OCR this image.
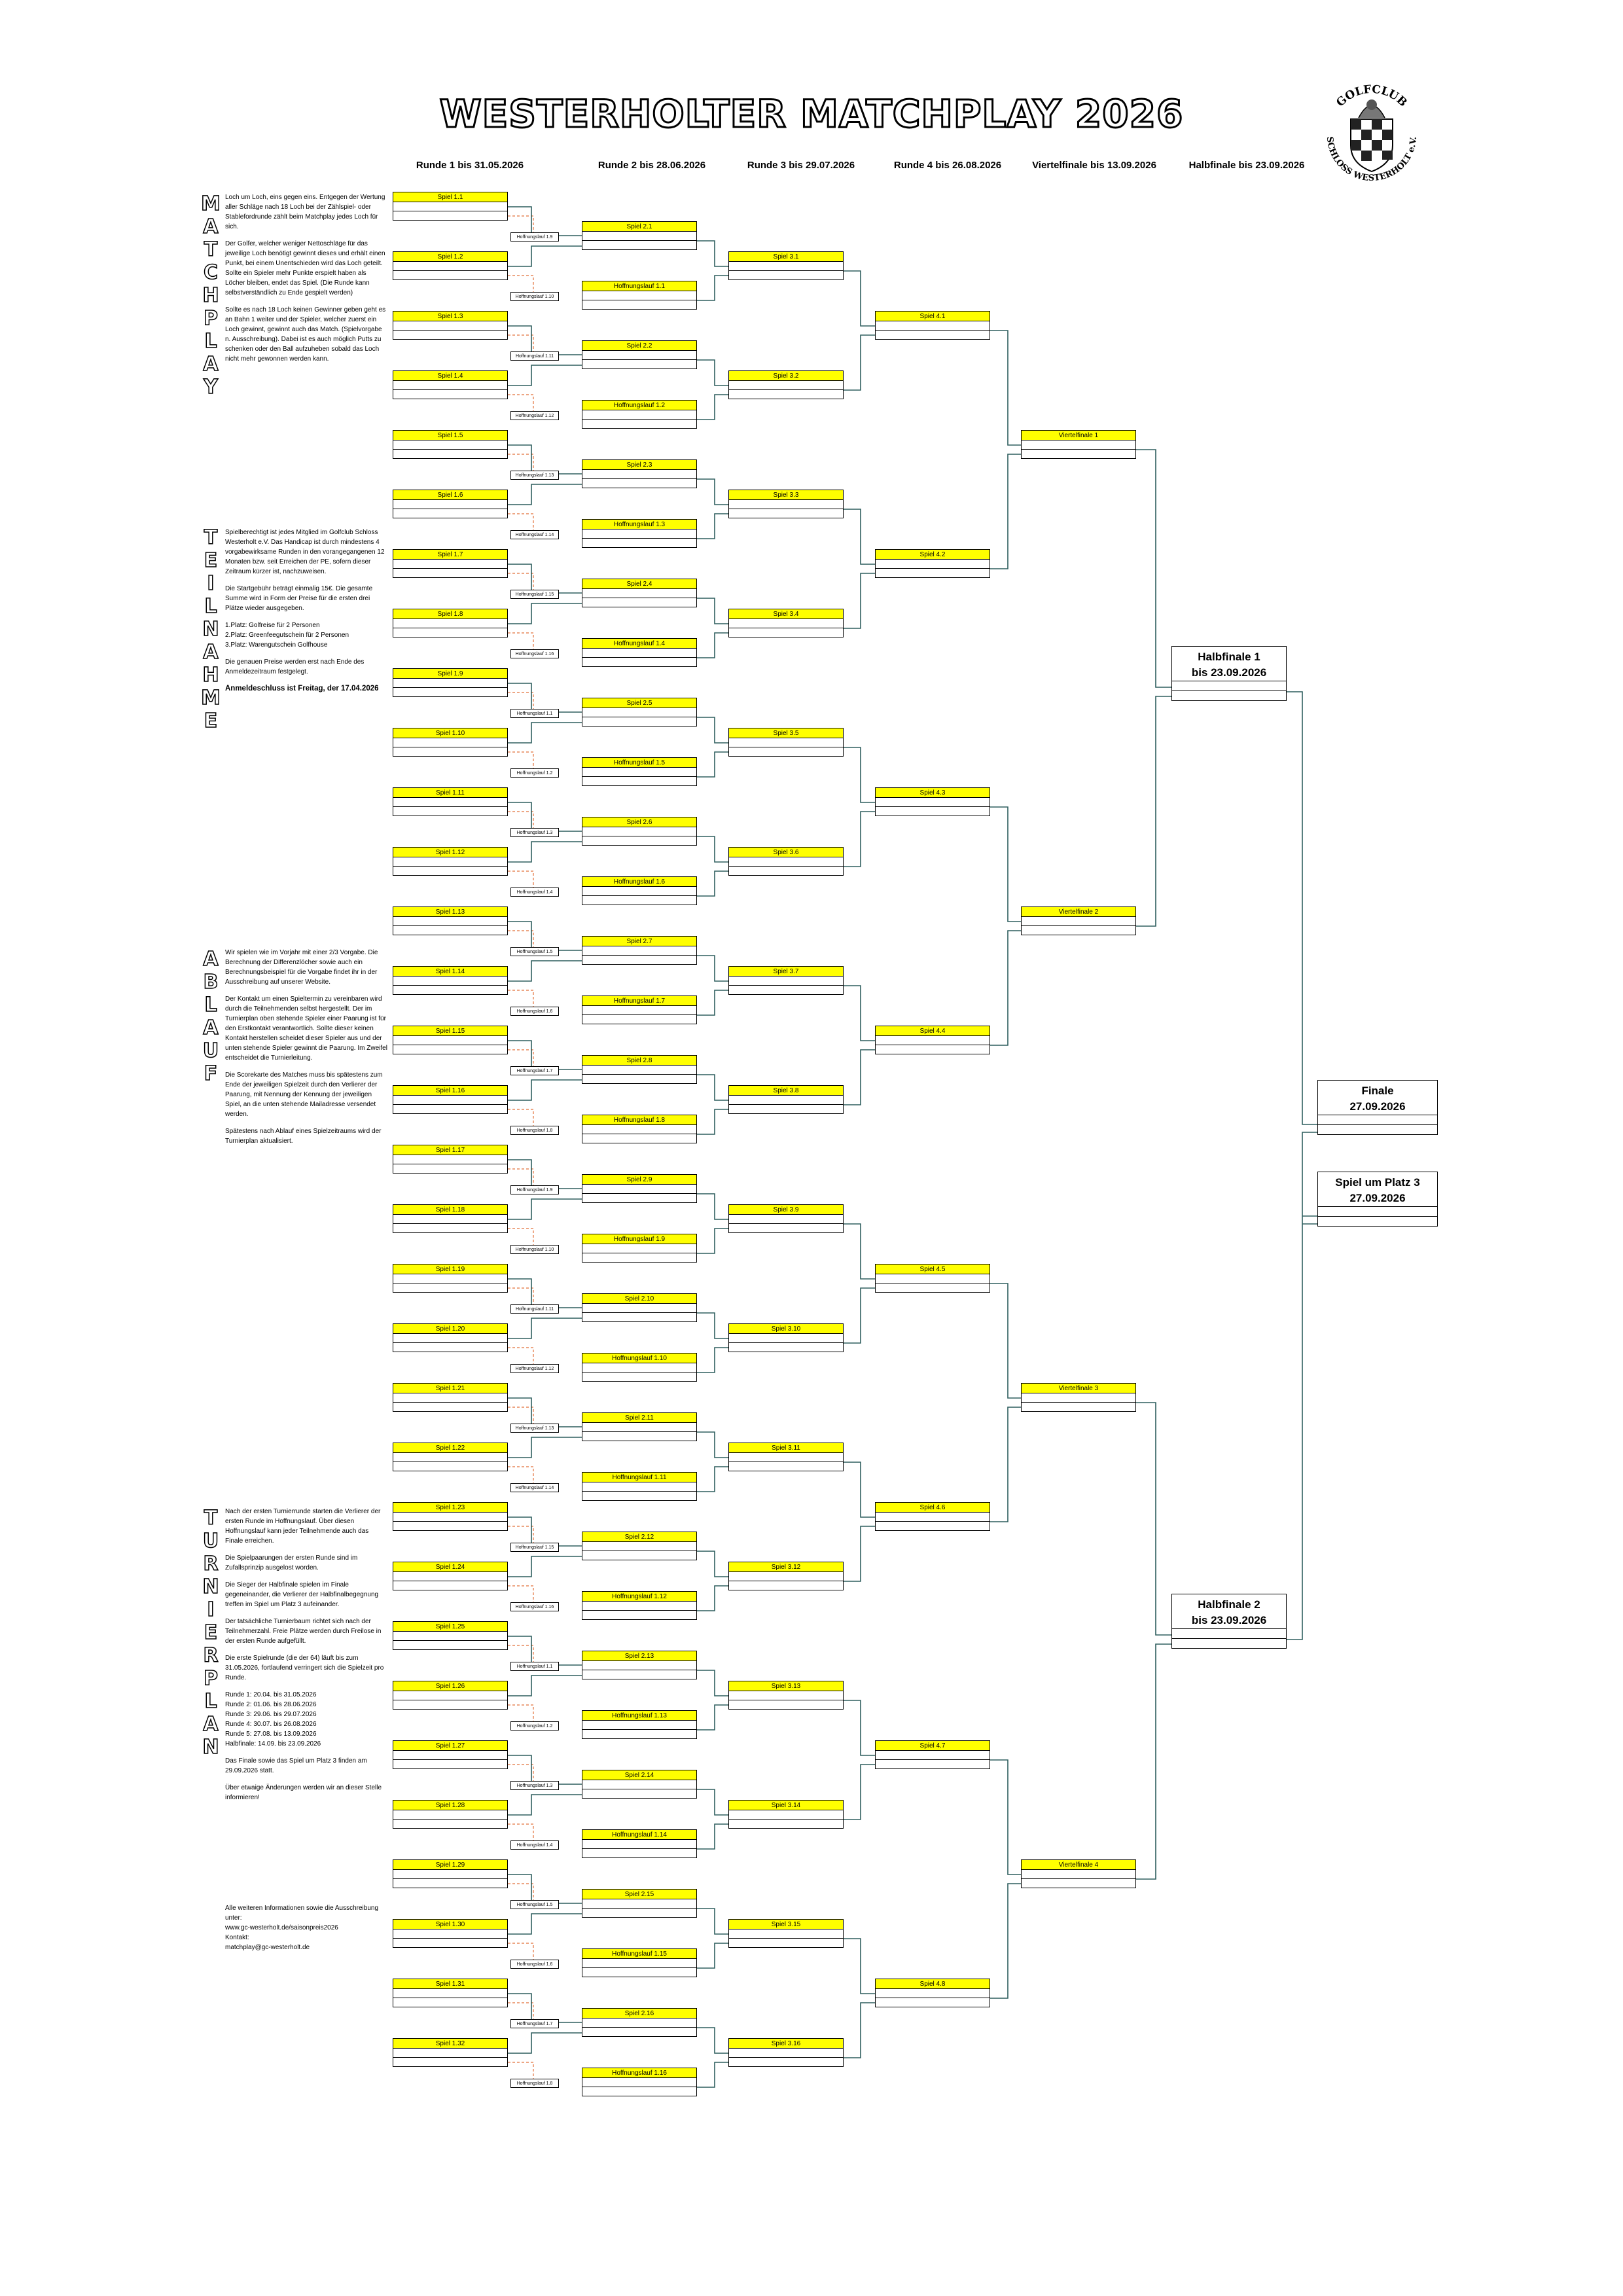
WESTERHOLTER MATCHPLAY 2026	GOLFCLUB
SCHLOSS WESTERHOLT e.V.
Runde 1 bis 31.05.2026	Runde 2 bis 28.06.2026	Runde 3 bis 29.07.2026	Runde 4 bis 26.08.2026	Viertelfinale bis 13.09.2026	Halbfinale bis 23.09.2026
M
A
T
C
H
P
L
A
Y
T
E
I
L
N
A
H
M
E
A
B
L
A
U
F
T
U
R
N
I
E
R
P
L
A
N

Loch um Loch, eins gegen eins. Entgegen der Wertung aller Schläge nach 18 Loch bei der Zählspiel- oder Stablefordrunde zählt beim Matchplay jedes Loch für sich.

Der Golfer, welcher weniger Nettoschläge für das jeweilige Loch benötigt gewinnt dieses und erhält einen Punkt, bei einem Unentschieden wird das Loch geteilt. Sollte ein Spieler mehr Punkte erspielt haben als Löcher bleiben, endet das Spiel. (Die Runde kann selbstverständlich zu Ende gespielt werden)

Sollte es nach 18 Loch keinen Gewinner geben geht es an Bahn 1 weiter und der Spieler, welcher zuerst ein Loch gewinnt, gewinnt auch das Match. (Spielvorgabe n. Ausschreibung). Dabei ist es auch möglich Putts zu schenken oder den Ball aufzuheben sobald das Loch nicht mehr gewonnen werden kann.

Spielberechtigt ist jedes Mitglied im Golfclub Schloss Westerholt e.V. Das Handicap ist durch mindestens 4 vorgabewirksame Runden in den vorangegangenen 12 Monaten bzw. seit Erreichen der PE, sofern dieser Zeitraum kürzer ist, nachzuweisen.

Die Startgebühr beträgt einmalig 15€. Die gesamte Summe wird in Form der Preise für die ersten drei Plätze wieder ausgegeben.

1.Platz: Golfreise für 2 Personen
2.Platz: Greenfeegutschein für 2 Personen
3.Platz: Warengutschein Golfhouse

Die genauen Preise werden erst nach Ende des Anmeldezeitraum festgelegt.

Anmeldeschluss ist Freitag, der 17.04.2026

Wir spielen wie im Vorjahr mit einer 2/3 Vorgabe. Die Berechnung der Differenzlöcher sowie auch ein Berechnungsbeispiel für die Vorgabe findet ihr in der Ausschreibung auf unserer Website.

Der Kontakt um einen Spieltermin zu vereinbaren wird durch die Teilnehmenden selbst hergestellt. Der im Turnierplan oben stehende Spieler einer Paarung ist für den Erstkontakt verantwortlich. Sollte dieser keinen Kontakt herstellen scheidet dieser Spieler aus und der unten stehende Spieler gewinnt die Paarung. Im Zweifel entscheidet die Turnierleitung.

Die Scorekarte des Matches muss bis spätestens zum Ende der jeweiligen Spielzeit durch den Verlierer der Paarung, mit Nennung der Kennung der jeweiligen Spiel, an die unten stehende Mailadresse versendet werden.

Spätestens nach Ablauf eines Spielzeitraums wird der Turnierplan aktualisiert.

Nach der ersten Turnierrunde starten die Verlierer der ersten Runde im Hoffnungslauf. Über diesen Hoffnungslauf kann jeder Teilnehmende auch das Finale erreichen.

Die Spielpaarungen der ersten Runde sind im Zufallsprinzip ausgelost worden.

Die Sieger der Halbfinale spielen im Finale gegeneinander, die Verlierer der Halbfinalbegegnung treffen im Spiel um Platz 3 aufeinander.

Der tatsächliche Turnierbaum richtet sich nach der Teilnehmerzahl. Freie Plätze werden durch Freilose in der ersten Runde aufgefüllt.

Die erste Spielrunde (die der 64) läuft bis zum 31.05.2026, fortlaufend verringert sich die Spielzeit pro Runde.

Runde 1: 20.04. bis 31.05.2026
Runde 2: 01.06. bis 28.06.2026
Runde 3: 29.06. bis 29.07.2026
Runde 4: 30.07. bis 26.08.2026
Runde 5: 27.08. bis 13.09.2026
Halbfinale: 14.09. bis 23.09.2026

Das Finale sowie das Spiel um Platz 3 finden am 29.09.2026 statt.

Über etwaige Änderungen werden wir an dieser Stelle informieren!

Alle weiteren Informationen sowie die Ausschreibung unter:
www.gc-westerholt.de/saisonpreis2026
Kontakt:
matchplay@gc-westerholt.de

Spiel 1.1
Spiel 1.2
Spiel 1.3
Spiel 1.4
Spiel 1.5
Spiel 1.6
Spiel 1.7
Spiel 1.8
Spiel 1.9
Spiel 1.10
Spiel 1.11
Spiel 1.12
Spiel 1.13
Spiel 1.14
Spiel 1.15
Spiel 1.16
Spiel 1.17
Spiel 1.18
Spiel 1.19
Spiel 1.20
Spiel 1.21
Spiel 1.22
Spiel 1.23
Spiel 1.24
Spiel 1.25
Spiel 1.26
Spiel 1.27
Spiel 1.28
Spiel 1.29
Spiel 1.30
Spiel 1.31
Spiel 1.32
Spiel 2.1
Hoffnungslauf 1.1
Spiel 2.2
Hoffnungslauf 1.2
Spiel 2.3
Hoffnungslauf 1.3
Spiel 2.4
Hoffnungslauf 1.4
Spiel 2.5
Hoffnungslauf 1.5
Spiel 2.6
Hoffnungslauf 1.6
Spiel 2.7
Hoffnungslauf 1.7
Spiel 2.8
Hoffnungslauf 1.8
Spiel 2.9
Hoffnungslauf 1.9
Spiel 2.10
Hoffnungslauf 1.10
Spiel 2.11
Hoffnungslauf 1.11
Spiel 2.12
Hoffnungslauf 1.12
Spiel 2.13
Hoffnungslauf 1.13
Spiel 2.14
Hoffnungslauf 1.14
Spiel 2.15
Hoffnungslauf 1.15
Spiel 2.16
Hoffnungslauf 1.16
Hoffnungslauf 1.9
Hoffnungslauf 1.10
Hoffnungslauf 1.11
Hoffnungslauf 1.12
Hoffnungslauf 1.13
Hoffnungslauf 1.14
Hoffnungslauf 1.15
Hoffnungslauf 1.16
Hoffnungslauf 1.1
Hoffnungslauf 1.2
Hoffnungslauf 1.3
Hoffnungslauf 1.4
Hoffnungslauf 1.5
Hoffnungslauf 1.6
Hoffnungslauf 1.7
Hoffnungslauf 1.8
Hoffnungslauf 1.9
Hoffnungslauf 1.10
Hoffnungslauf 1.11
Hoffnungslauf 1.12
Hoffnungslauf 1.13
Hoffnungslauf 1.14
Hoffnungslauf 1.15
Hoffnungslauf 1.16
Hoffnungslauf 1.1
Hoffnungslauf 1.2
Hoffnungslauf 1.3
Hoffnungslauf 1.4
Hoffnungslauf 1.5
Hoffnungslauf 1.6
Hoffnungslauf 1.7
Hoffnungslauf 1.8
Spiel 3.1
Spiel 3.2
Spiel 3.3
Spiel 3.4
Spiel 3.5
Spiel 3.6
Spiel 3.7
Spiel 3.8
Spiel 3.9
Spiel 3.10
Spiel 3.11
Spiel 3.12
Spiel 3.13
Spiel 3.14
Spiel 3.15
Spiel 3.16
Spiel 4.1
Spiel 4.2
Spiel 4.3
Spiel 4.4
Spiel 4.5
Spiel 4.6
Spiel 4.7
Spiel 4.8
Viertelfinale 1
Viertelfinale 2
Viertelfinale 3
Viertelfinale 4
Halbfinale 1
bis 23.09.2026
Halbfinale 2
bis 23.09.2026
Finale
27.09.2026
Spiel um Platz 3
27.09.2026
